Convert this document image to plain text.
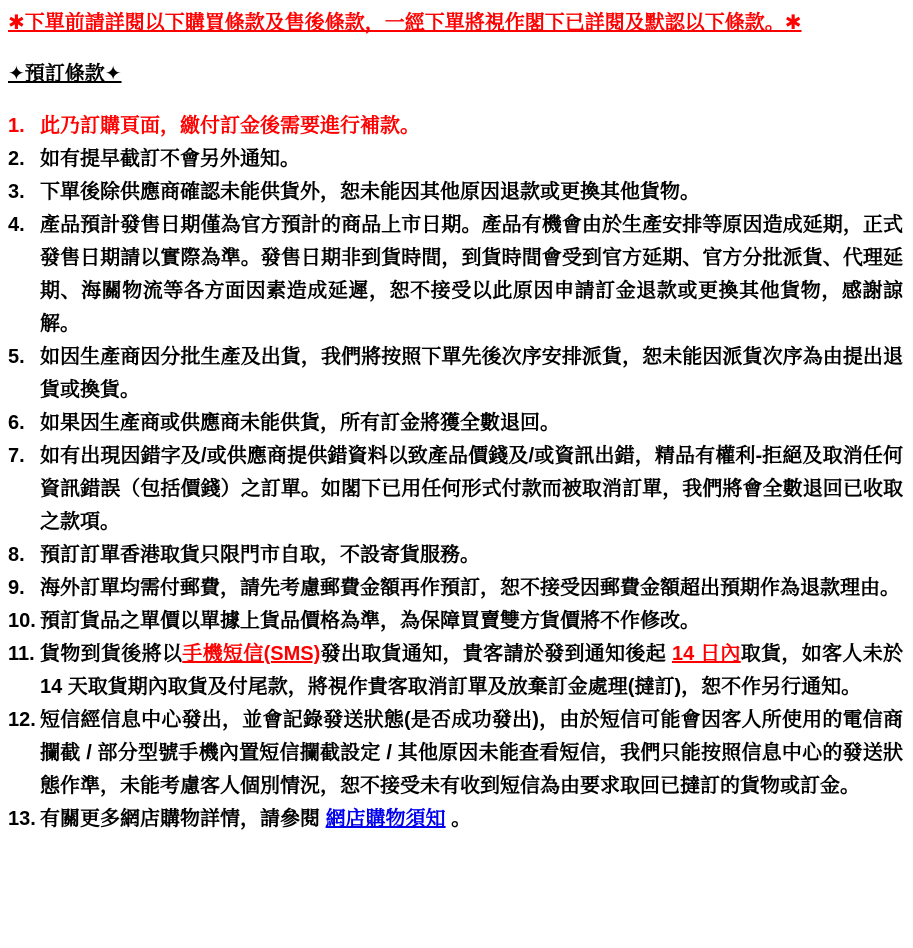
✱下單前請詳閱以下購買條款及售後條款，一經下單將視作閣下已詳閱及默認以下條款。✱
✦預訂條款✦
1. 此乃訂購頁面，繳付訂金後需要進行補款。
2. 如有提早截訂不會另外通知。
3. 下單後除供應商確認未能供貨外，恕未能因其他原因退款或更換其他貨物。
4. 產品預計發售日期僅為官方預計的商品上市日期。產品有機會由於生產安排等原因造成延期，正式發售日期請以實際為準。發售日期非到貨時間，到貨時間會受到官方延期、官方分批派貨、代理延期、海關物流等各方面因素造成延遲，恕不接受以此原因申請訂金退款或更換其他貨物，感謝諒解。
5. 如因生產商因分批生產及出貨，我們將按照下單先後次序安排派貨，恕未能因派貨次序為由提出退貨或換貨。
6. 如果因生產商或供應商未能供貨，所有訂金將獲全數退回。
7. 如有出現因錯字及/或供應商提供錯資料以致產品價錢及/或資訊出錯，精品有權利-拒絕及取消任何資訊錯誤（包括價錢）之訂單。如閣下已用任何形式付款而被取消訂單，我們將會全數退回已收取之款項。
8. 預訂訂單香港取貨只限門市自取，不設寄貨服務。
9. 海外訂單均需付郵費，請先考慮郵費金額再作預訂，恕不接受因郵費金額超出預期作為退款理由。
10. 預訂貨品之單價以單據上貨品價格為準，為保障買賣雙方貨價將不作修改。
11. 貨物到貨後將以手機短信(SMS)發出取貨通知，貴客請於發到通知後起 14 日內取貨，如客人未於 14 天取貨期內取貨及付尾款，將視作貴客取消訂單及放棄訂金處理(撻訂)，恕不作另行通知。
12. 短信經信息中心發出，並會記錄發送狀態(是否成功發出)，由於短信可能會因客人所使用的電信商攔截 / 部分型號手機內置短信攔截設定 / 其他原因未能查看短信，我們只能按照信息中心的發送狀態作準，未能考慮客人個別情況，恕不接受未有收到短信為由要求取回已撻訂的貨物或訂金。
13. 有關更多網店購物詳情，請參閱 網店購物須知 。
